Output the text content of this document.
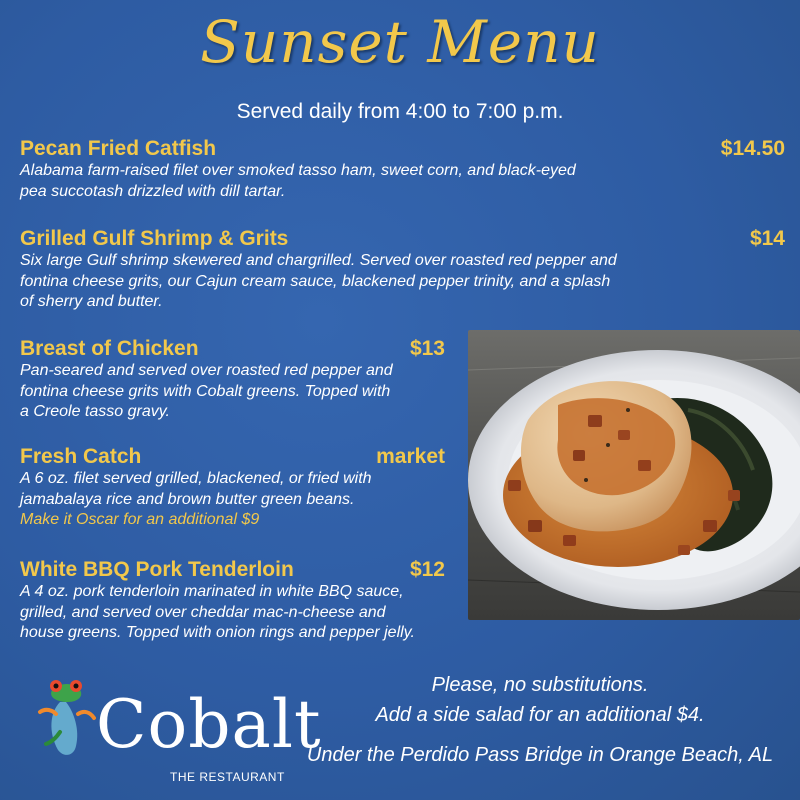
Sunset Menu
Served daily from 4:00 to 7:00 p.m.
Pecan Fried Catfish	$14.50
Alabama farm-raised filet over smoked tasso ham, sweet corn, and black-eyed
pea succotash drizzled with dill tartar.
Grilled Gulf Shrimp & Grits	$14
Six large Gulf shrimp skewered and chargrilled. Served over roasted red pepper and
fontina cheese grits, our Cajun cream sauce, blackened pepper trinity, and a splash
of sherry and butter.
Breast of Chicken	$13
Pan-seared and served over roasted red pepper and
fontina cheese grits with Cobalt greens. Topped with
a Creole tasso gravy.
Fresh Catch	market
A 6 oz. filet served grilled, blackened, or fried with
jamabalaya rice and brown butter green beans.
Make it Oscar for an additional $9
White BBQ Pork Tenderloin	$12
A 4 oz. pork tenderloin marinated in white BBQ sauce,
grilled, and served over cheddar mac-n-cheese and
house greens. Topped with onion rings and pepper jelly.
Please, no substitutions.
Add a side salad for an additional $4.
Under the Perdido Pass Bridge in Orange Beach, AL
Cobalt
THE RESTAURANT
